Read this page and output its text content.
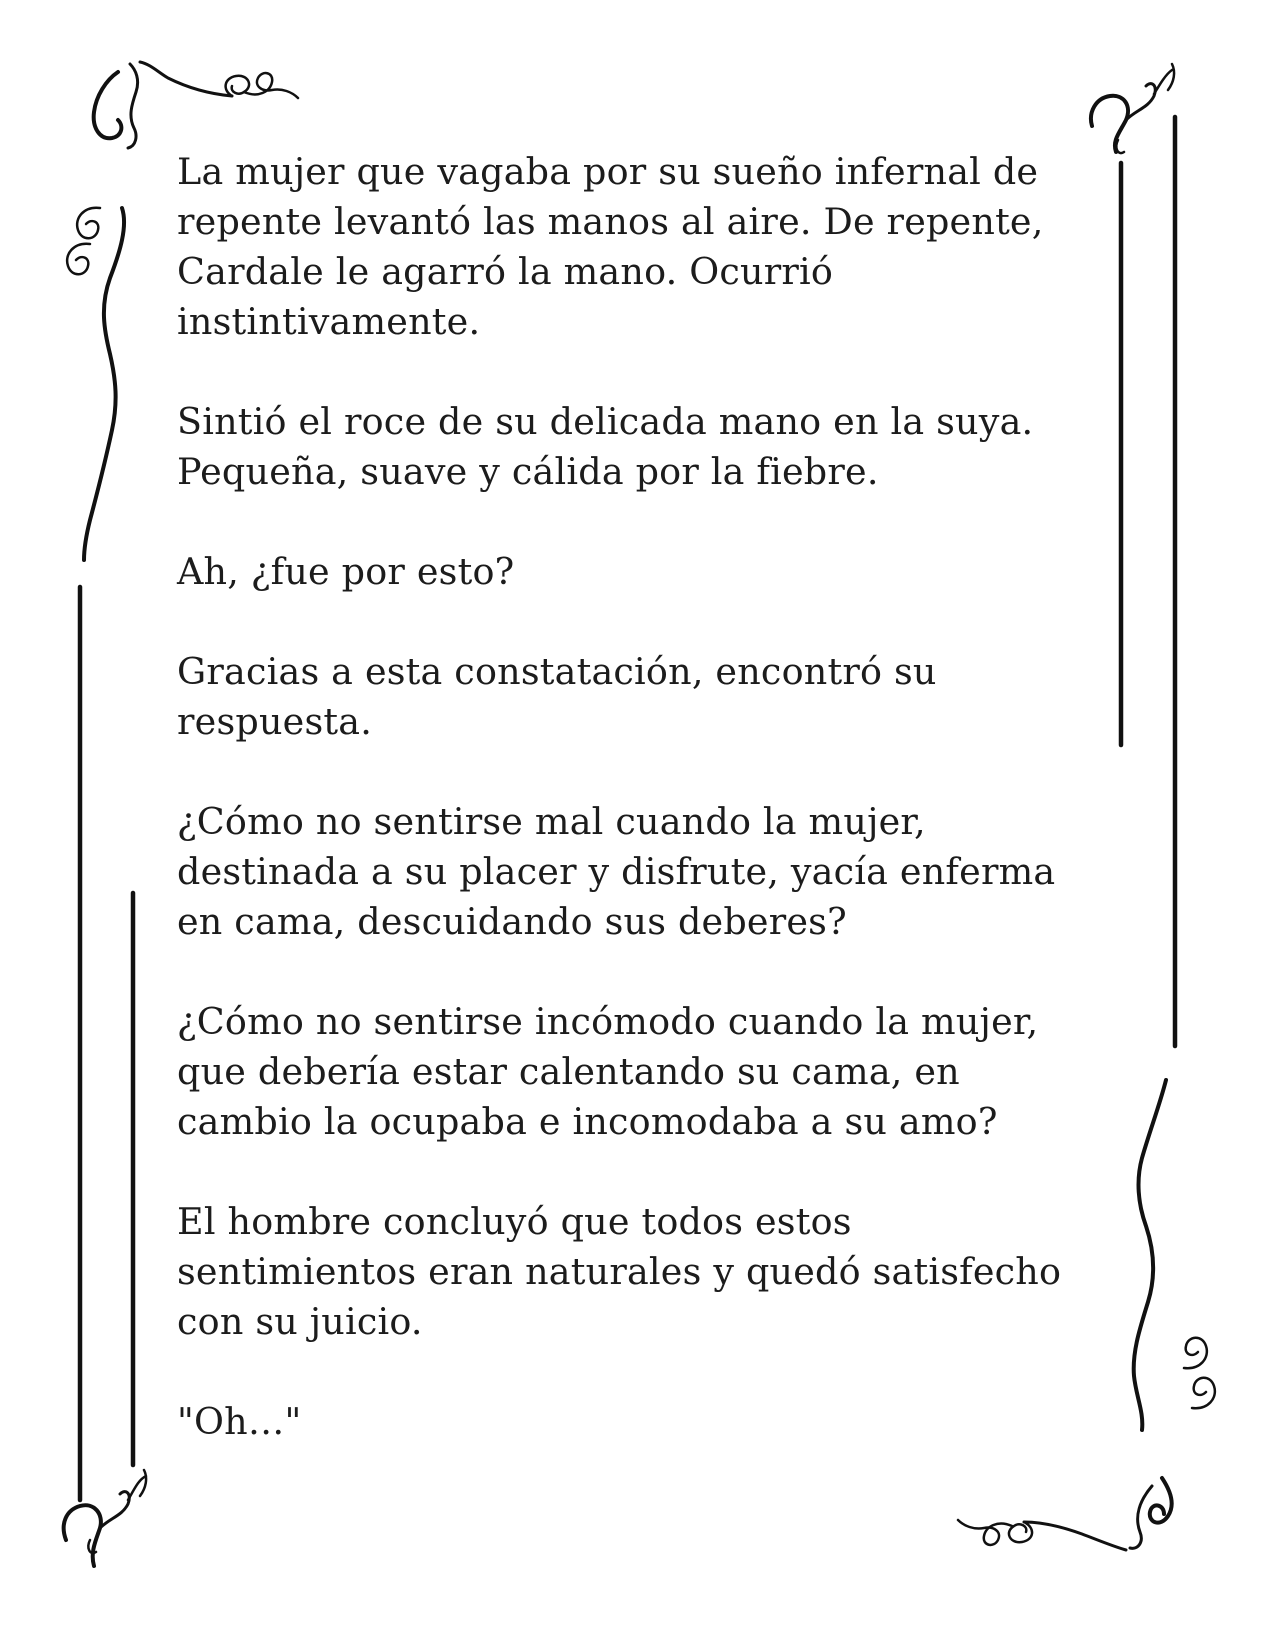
La mujer que vagaba por su sueño infernal de
repente levantó las manos al aire. De repente,
Cardale le agarró la mano. Ocurrió
instintivamente.

Sintió el roce de su delicada mano en la suya.
Pequeña, suave y cálida por la fiebre.

Ah, ¿fue por esto?

Gracias a esta constatación, encontró su
respuesta.

¿Cómo no sentirse mal cuando la mujer,
destinada a su placer y disfrute, yacía enferma
en cama, descuidando sus deberes?

¿Cómo no sentirse incómodo cuando la mujer,
que debería estar calentando su cama, en
cambio la ocupaba e incomodaba a su amo?

El hombre concluyó que todos estos
sentimientos eran naturales y quedó satisfecho
con su juicio.

"Oh…"
